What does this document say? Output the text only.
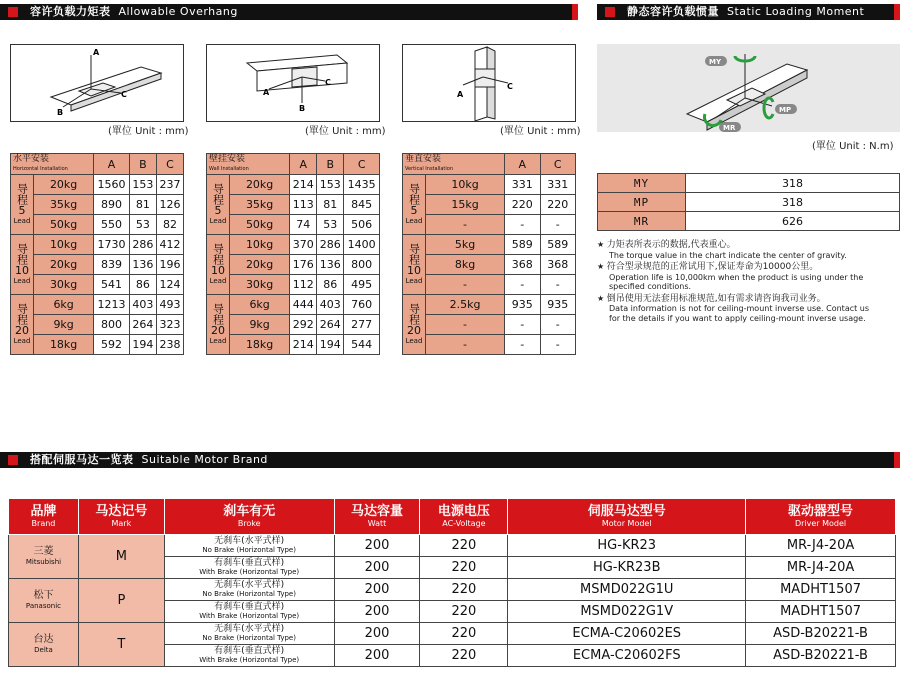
容许负载力矩表 Allowable Overhang	静态容许负载惯量 Static Loading Moment
搭配伺服马达一览表 Suitable Motor Brand
A
C
B
(單位 Unit : mm)
A
B
C
(單位 Unit : mm)
A
C
(單位 Unit : mm)
MY
MP
MR
(單位 Unit : N.m)
水平安装
Horizontal Installation		A	B	C

导程
5
Lead	20kg	1560	153	237
	35kg	890	81	126
	50kg	550	53	82

导程
10
Lead	10kg	1730	286	412
	20kg	839	136	196
	30kg	541	86	124

导程
20
Lead	6kg	1213	403	493
	9kg	800	264	323
	18kg	592	194	238
壁挂安装
Wall Installation		A	B	C

导程
5
Lead	20kg	214	153	1435
	35kg	113	81	845
	50kg	74	53	506

导程
10
Lead	10kg	370	286	1400
	20kg	176	136	800
	30kg	112	86	495

导程
20
Lead	6kg	444	403	760
	9kg	292	264	277
	18kg	214	194	544
垂直安装
Vertical Installation		A	C

导程
5
Lead	10kg	331	331
	15kg	220	220
	-	-	-

导程
10
Lead	5kg	589	589
	8kg	368	368
	-	-	-

导程
20
Lead	2.5kg	935	935
	-	-	-
	-	-	-
MY	318
MP	318
MR	626
★ 力矩表所表示的数据,代表重心。
The torque value in the chart indicate the center of gravity.
★ 符合型录规范的正常试用下,保证寿命为10000公里。
Operation life is 10,000km when the product is using under the specified conditions.
★ 倒吊使用无法套用标准规范,如有需求请咨询我司业务。
Data information is not for ceiling-mount inverse use. Contact us for the details if you want to apply ceiling-mount inverse usage.
品牌
Brand	马达记号
Mark	刹车有无
Broke	马达容量
Watt	电源电压
AC-Voltage	伺服马达型号
Motor Model	驱动器型号
Driver Model

三菱
Mitsubishi	M	无刹车(水平式样)
No Brake (Horizontal Type)	200	220	HG-KR23	MR-J4-20A
		有刹车(垂直式样)
With Brake (Horizontal Type)	200	220	HG-KR23B	MR-J4-20A
松下
Panasonic	P	无刹车(水平式样)
No Brake (Horizontal Type)	200	220	MSMD022G1U	MADHT1507
		有刹车(垂直式样)
With Brake (Horizontal Type)	200	220	MSMD022G1V	MADHT1507
台达
Delta	T	无刹车(水平式样)
No Brake (Horizontal Type)	200	220	ECMA-C20602ES	ASD-B20221-B
		有刹车(垂直式样)
With Brake (Horizontal Type)	200	220	ECMA-C20602FS	ASD-B20221-B
